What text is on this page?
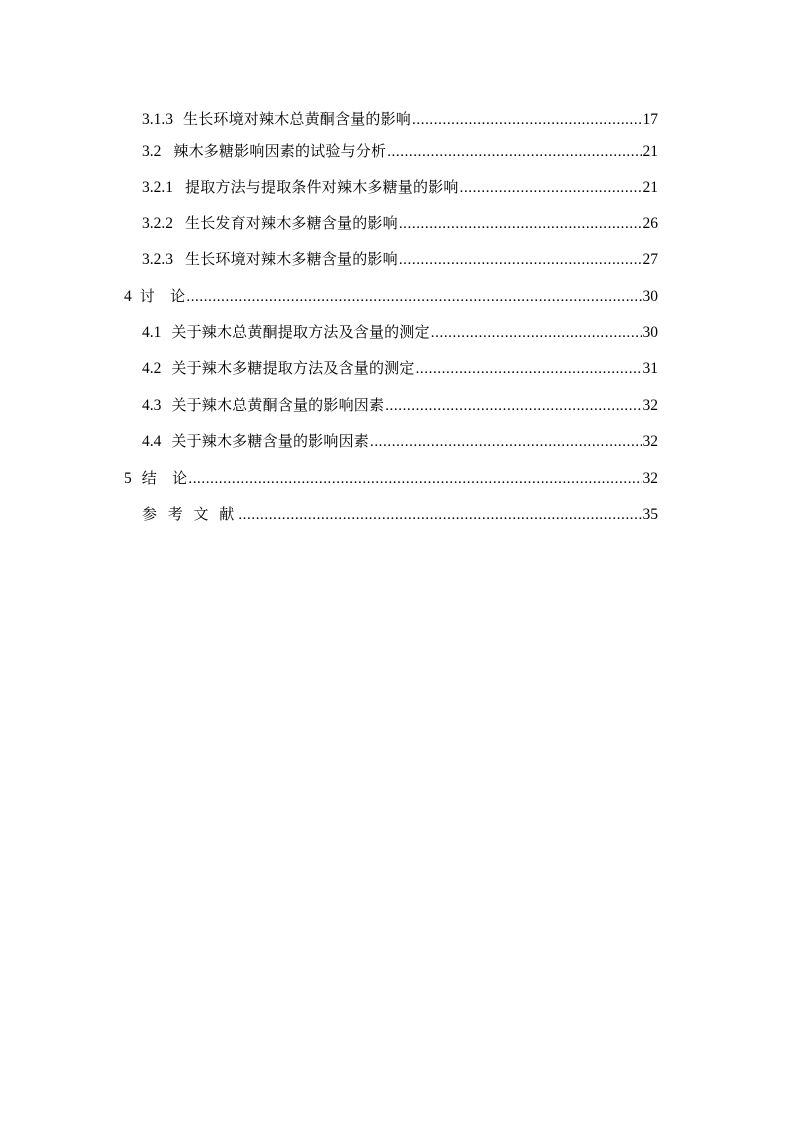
3.1.3 生长环境对辣木总黄酮含量的影响 .....	17
3.2 辣木多糖影响因素的试验与分析 .....	21
3.2.1 提取方法与提取条件对辣木多糖量的影响 .....	21
3.2.2 生长发育对辣木多糖含量的影响 .....	26
3.2.3 生长环境对辣木多糖含量的影响 .....	27
4 讨　论 .....	30
4.1 关于辣木总黄酮提取方法及含量的测定 .....	30
4.2 关于辣木多糖提取方法及含量的测定 .....	31
4.3 关于辣木总黄酮含量的影响因素 .....	32
4.4 关于辣木多糖含量的影响因素 .....	32
5 结　论 .....	32
参 考 文 献 .....	35
